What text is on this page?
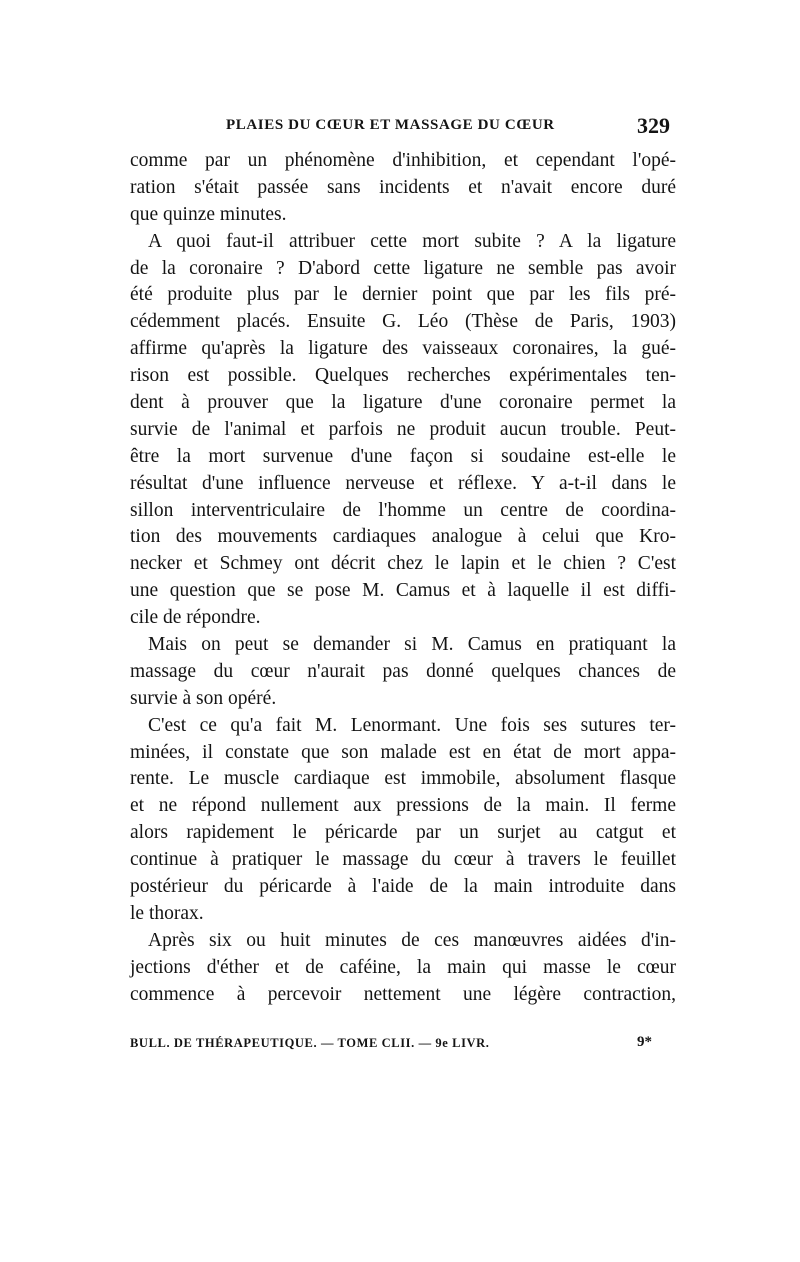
PLAIES DU CŒUR ET MASSAGE DU CŒUR	329
comme par un phénomène d'inhibition, et cependant l'opé-
ration s'était passée sans incidents et n'avait encore duré
que quinze minutes.
A quoi faut-il attribuer cette mort subite ? A la ligature
de la coronaire ? D'abord cette ligature ne semble pas avoir
été produite plus par le dernier point que par les fils pré-
cédemment placés. Ensuite G. Léo (Thèse de Paris, 1903)
affirme qu'après la ligature des vaisseaux coronaires, la gué-
rison est possible. Quelques recherches expérimentales ten-
dent à prouver que la ligature d'une coronaire permet la
survie de l'animal et parfois ne produit aucun trouble. Peut-
être la mort survenue d'une façon si soudaine est-elle le
résultat d'une influence nerveuse et réflexe. Y a-t-il dans le
sillon interventriculaire de l'homme un centre de coordina-
tion des mouvements cardiaques analogue à celui que Kro-
necker et Schmey ont décrit chez le lapin et le chien ? C'est
une question que se pose M. Camus et à laquelle il est diffi-
cile de répondre.
Mais on peut se demander si M. Camus en pratiquant la
massage du cœur n'aurait pas donné quelques chances de
survie à son opéré.
C'est ce qu'a fait M. Lenormant. Une fois ses sutures ter-
minées, il constate que son malade est en état de mort appa-
rente. Le muscle cardiaque est immobile, absolument flasque
et ne répond nullement aux pressions de la main. Il ferme
alors rapidement le péricarde par un surjet au catgut et
continue à pratiquer le massage du cœur à travers le feuillet
postérieur du péricarde à l'aide de la main introduite dans
le thorax.
Après six ou huit minutes de ces manœuvres aidées d'in-
jections d'éther et de caféine, la main qui masse le cœur
commence à percevoir nettement une légère contraction,
BULL. DE THÉRAPEUTIQUE. — TOME CLII. — 9e LIVR.	9*
